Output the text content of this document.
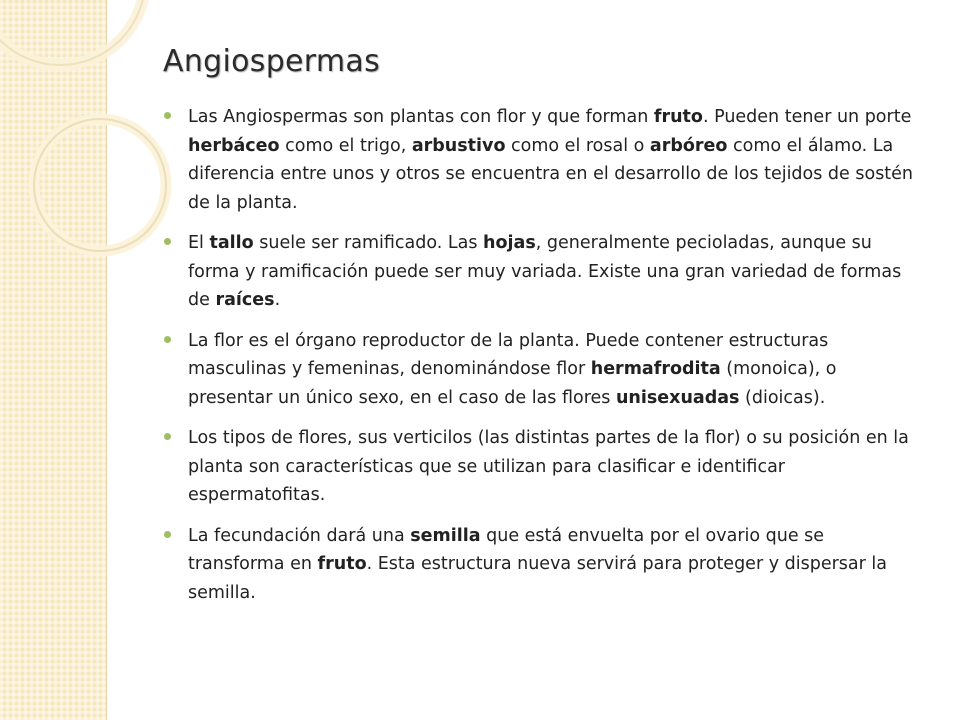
Angiospermas
Las Angiospermas son plantas con flor y que forman fruto. Pueden tener un porte herbáceo como el trigo, arbustivo como el rosal o arbóreo como el álamo. La diferencia entre unos y otros se encuentra en el desarrollo de los tejidos de sostén de la planta.
El tallo suele ser ramificado. Las hojas, generalmente pecioladas, aunque su forma y ramificación puede ser muy variada. Existe una gran variedad de formas de raíces.
La flor es el órgano reproductor de la planta. Puede contener estructuras masculinas y femeninas, denominándose flor hermafrodita (monoica), o presentar un único sexo, en el caso de las flores unisexuadas (dioicas).
Los tipos de flores, sus verticilos (las distintas partes de la flor) o su posición en la planta son características que se utilizan para clasificar e identificar espermatofitas.
La fecundación dará una semilla que está envuelta por el ovario que se transforma en fruto. Esta estructura nueva servirá para proteger y dispersar la semilla.
